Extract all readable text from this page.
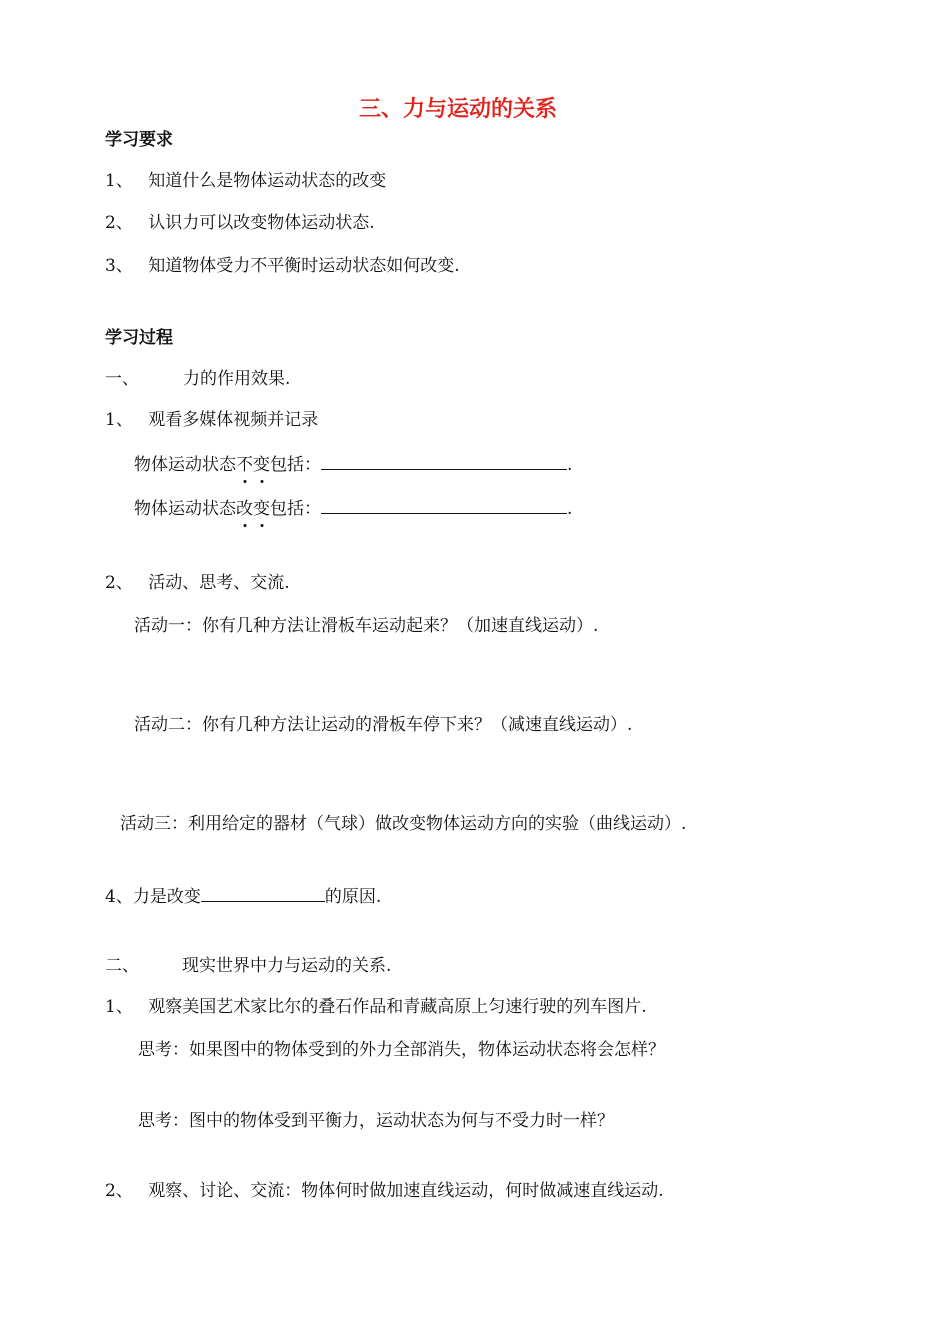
三、力与运动的关系
学习要求
1、 知道什么是物体运动状态的改变
2、 认识力可以改变物体运动状态.
3、 知道物体受力不平衡时运动状态如何改变.
学习过程
一、	力的作用效果.
1、 观看多媒体视频并记录
物体运动状态不变包括：	.
物体运动状态改变包括：	.
2、 活动、思考、交流.
活动一：你有几种方法让滑板车运动起来？（加速直线运动）.
活动二：你有几种方法让运动的滑板车停下来？（减速直线运动）.
活动三：利用给定的器材（气球）做改变物体运动方向的实验（曲线运动）.
4、力是改变	的原因.
二、	现实世界中力与运动的关系.
1、 观察美国艺术家比尔的叠石作品和青藏高原上匀速行驶的列车图片.
思考：如果图中的物体受到的外力全部消失，物体运动状态将会怎样？
思考：图中的物体受到平衡力，运动状态为何与不受力时一样？
2、 观察、讨论、交流：物体何时做加速直线运动，何时做减速直线运动.
